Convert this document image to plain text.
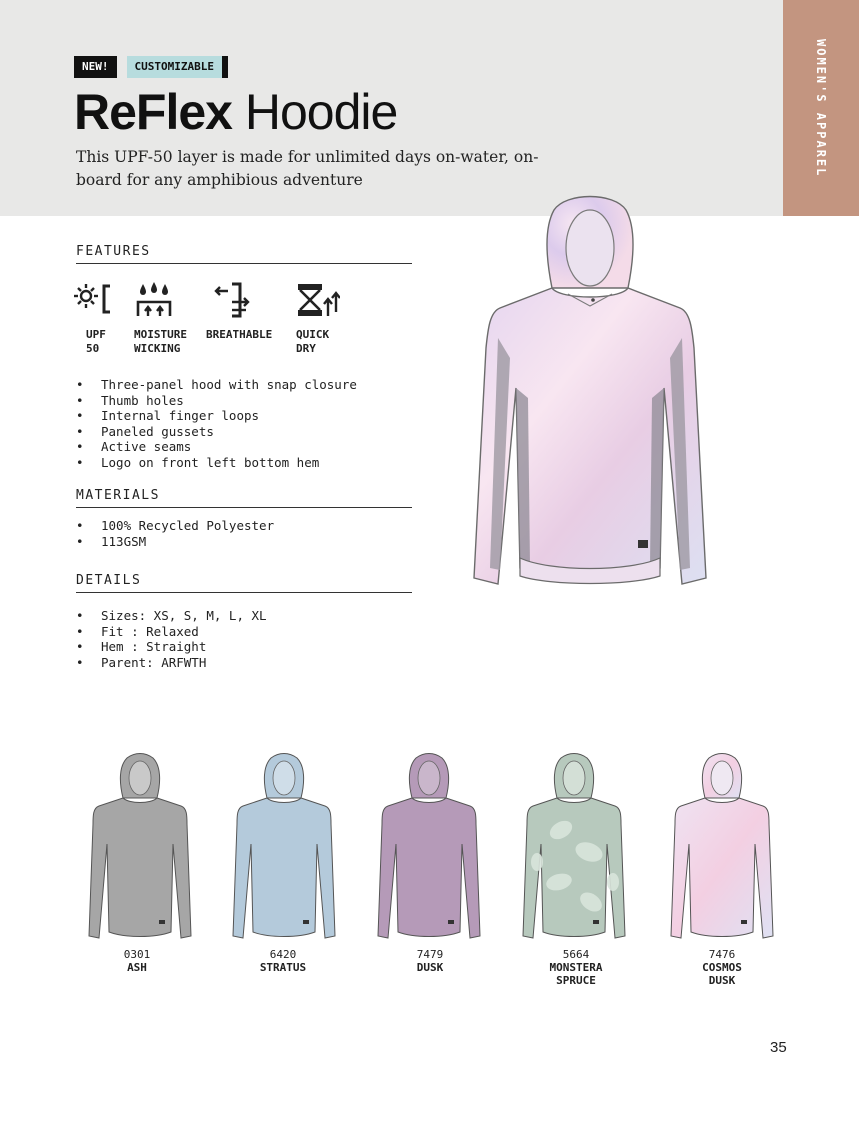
WOMEN'S APPAREL
NEW!	CUSTOMIZABLE
ReFlex Hoodie
This UPF-50 layer is made for unlimited days on-water, on-board for any amphibious adventure
FEATURES
UPF
50
MOISTURE
WICKING
BREATHABLE	QUICK
DRY
• Three-panel hood with snap closure
• Thumb holes
• Internal finger loops
• Paneled gussets
• Active seams
• Logo on front left bottom hem
MATERIALS
• 100% Recycled Polyester
• 113GSM
DETAILS
• Sizes: XS, S, M, L, XL
• Fit : Relaxed
• Hem : Straight
• Parent: ARFWTH
0301
ASH
6420
STRATUS
7479
DUSK
5664
MONSTERA
SPRUCE
7476
COSMOS
DUSK
35
